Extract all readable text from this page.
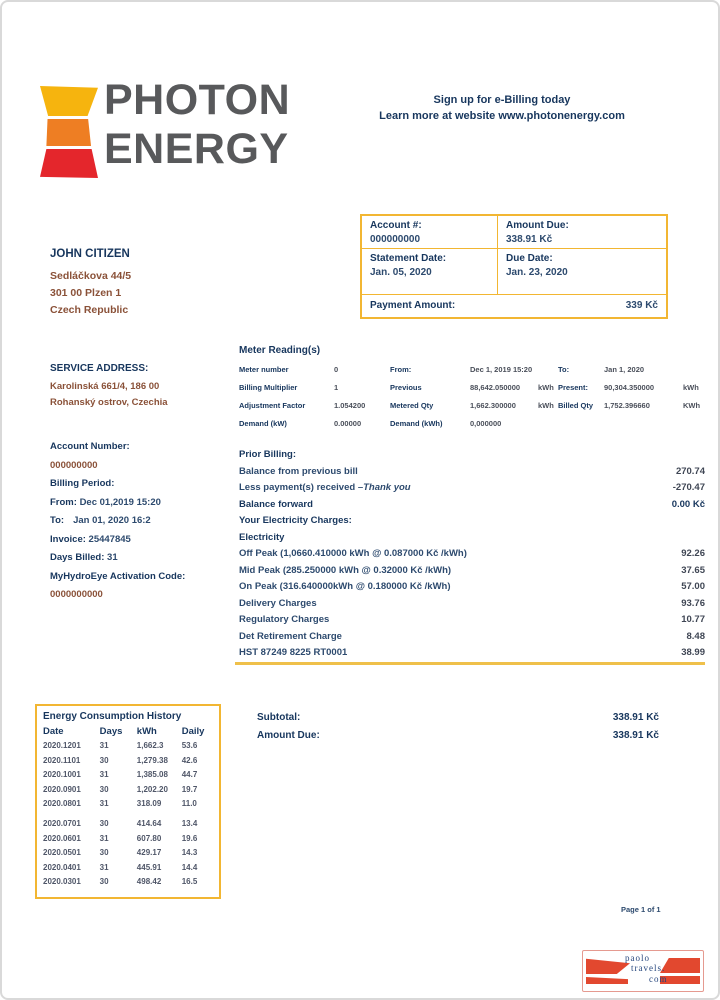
PHOTON
ENERGY
Sign up for e-Billing today
Learn more at website www.photonenergy.com
Account #:
000000000
Amount Due:
338.91 Kč
Statement Date:
Jan. 05, 2020
Due Date:
Jan. 23, 2020
Payment Amount:	339 Kč
JOHN CITIZEN
Sedláčkova 44/5
301 00 Plzen 1
Czech Republic
SERVICE ADDRESS:
Karolinská 661/4, 186 00
Rohanský ostrov, Czechia
Account Number:
000000000
Billing Period:
From: Dec 01,2019 15:20
To: Jan 01, 2020 16:2
Invoice: 25447845
Days Billed: 31
MyHydroEye Activation Code:
0000000000
Meter Reading(s)
Meter number	0	From:	Dec 1, 2019 15:20	To:	Jan 1, 2020
Billing Multiplier	1	Previous	88,642.050000	kWh Present:	90,304.350000	kWh
Adjustment Factor	1.054200	Metered Qty	1,662.300000	kWh Billed Qty	1,752.396660	KWh
Demand (kW)	0.00000	Demand (kWh)	0,000000
Prior Billing:
Balance from previous bill	270.74
Less payment(s) received –Thank you	-270.47
Balance forward	0.00 Kč
Your Electricity Charges:
Electricity
Off Peak (1,0660.410000 kWh @ 0.087000 Kč /kWh)	92.26
Mid Peak (285.250000 kWh @ 0.32000 Kč /kWh)	37.65
On Peak (316.640000kWh @ 0.180000 Kč /kWh)	57.00
Delivery Charges	93.76
Regulatory Charges	10.77
Det Retirement Charge	8.48
HST 87249 8225 RT0001	38.99
Subtotal:	338.91 Kč
Amount Due:	338.91 Kč
Energy Consumption History
Date	Days	kWh	Daily
2020.1201	31	1,662.3	53.6
2020.1101	30	1,279.38	42.6
2020.1001	31	1,385.08	44.7
2020.0901	30	1,202.20	19.7
2020.0801	31	318.09	11.0
2020.0701	30	414.64	13.4
2020.0601	31	607.80	19.6
2020.0501	30	429.17	14.3
2020.0401	31	445.91	14.4
2020.0301	30	498.42	16.5
Page 1 of 1
paolo
travels.
com
